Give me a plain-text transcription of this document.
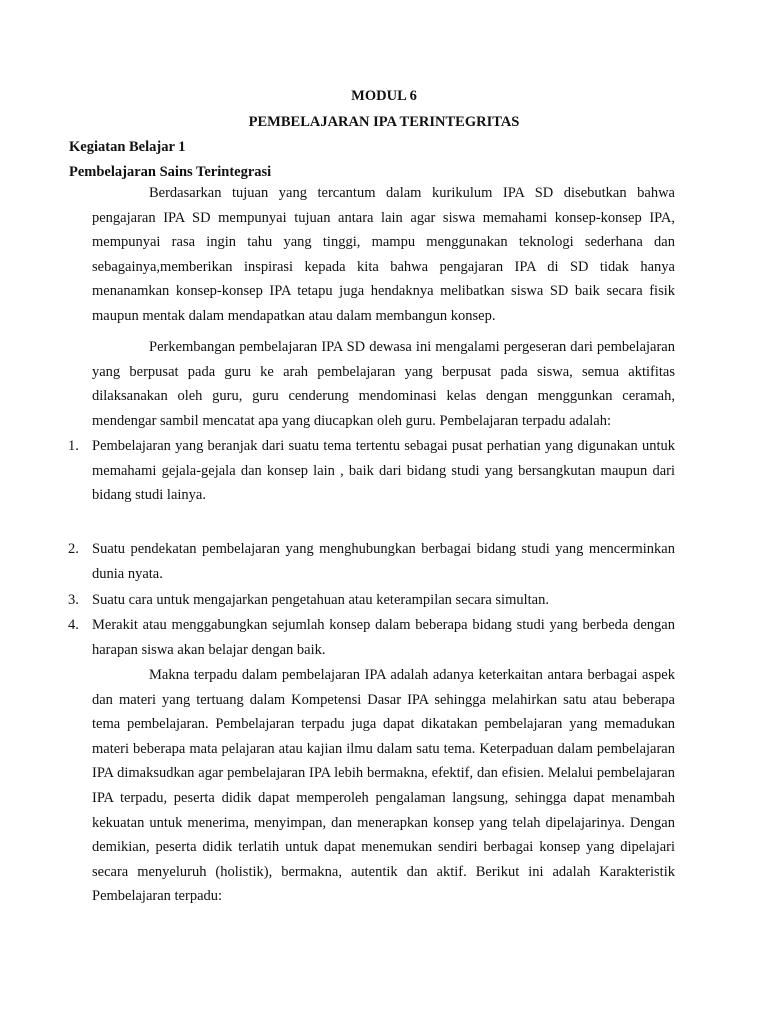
MODUL 6
PEMBELAJARAN IPA TERINTEGRITAS
Kegiatan Belajar 1
Pembelajaran Sains Terintegrasi

Berdasarkan tujuan yang tercantum dalam kurikulum IPA SD disebutkan bahwa pengajaran IPA SD mempunyai tujuan antara lain agar siswa memahami konsep-konsep IPA, mempunyai rasa ingin tahu yang tinggi, mampu menggunakan teknologi sederhana dan sebagainya,memberikan inspirasi kepada kita bahwa pengajaran IPA di SD tidak hanya menanamkan konsep-konsep IPA tetapu juga hendaknya melibatkan siswa SD baik secara fisik maupun mentak dalam mendapatkan atau dalam membangun konsep.

Perkembangan pembelajaran IPA SD dewasa ini mengalami pergeseran dari pembelajaran yang berpusat pada guru ke arah pembelajaran yang berpusat pada siswa, semua aktifitas dilaksanakan oleh guru, guru cenderung mendominasi kelas dengan menggunkan ceramah, mendengar sambil mencatat apa yang diucapkan oleh guru. Pembelajaran terpadu adalah:

1. Pembelajaran yang beranjak dari suatu tema tertentu sebagai pusat perhatian yang digunakan untuk memahami gejala-gejala dan konsep lain , baik dari bidang studi yang bersangkutan maupun dari bidang studi lainya.
2. Suatu pendekatan pembelajaran yang menghubungkan berbagai bidang studi yang mencerminkan dunia nyata.
3. Suatu cara untuk mengajarkan pengetahuan atau keterampilan secara simultan.
4. Merakit atau menggabungkan sejumlah konsep dalam beberapa bidang studi yang berbeda dengan harapan siswa akan belajar dengan baik.

Makna terpadu dalam pembelajaran IPA adalah adanya keterkaitan antara berbagai aspek dan materi yang tertuang dalam Kompetensi Dasar IPA sehingga melahirkan satu atau beberapa tema pembelajaran. Pembelajaran terpadu juga dapat dikatakan pembelajaran yang memadukan materi beberapa mata pelajaran atau kajian ilmu dalam satu tema. Keterpaduan dalam pembelajaran IPA dimaksudkan agar pembelajaran IPA lebih bermakna, efektif, dan efisien. Melalui pembelajaran IPA terpadu, peserta didik dapat memperoleh pengalaman langsung, sehingga dapat menambah kekuatan untuk menerima, menyimpan, dan menerapkan konsep yang telah dipelajarinya. Dengan demikian, peserta didik terlatih untuk dapat menemukan sendiri berbagai konsep yang dipelajari secara menyeluruh (holistik), bermakna, autentik dan aktif. Berikut ini adalah Karakteristik Pembelajaran terpadu:
